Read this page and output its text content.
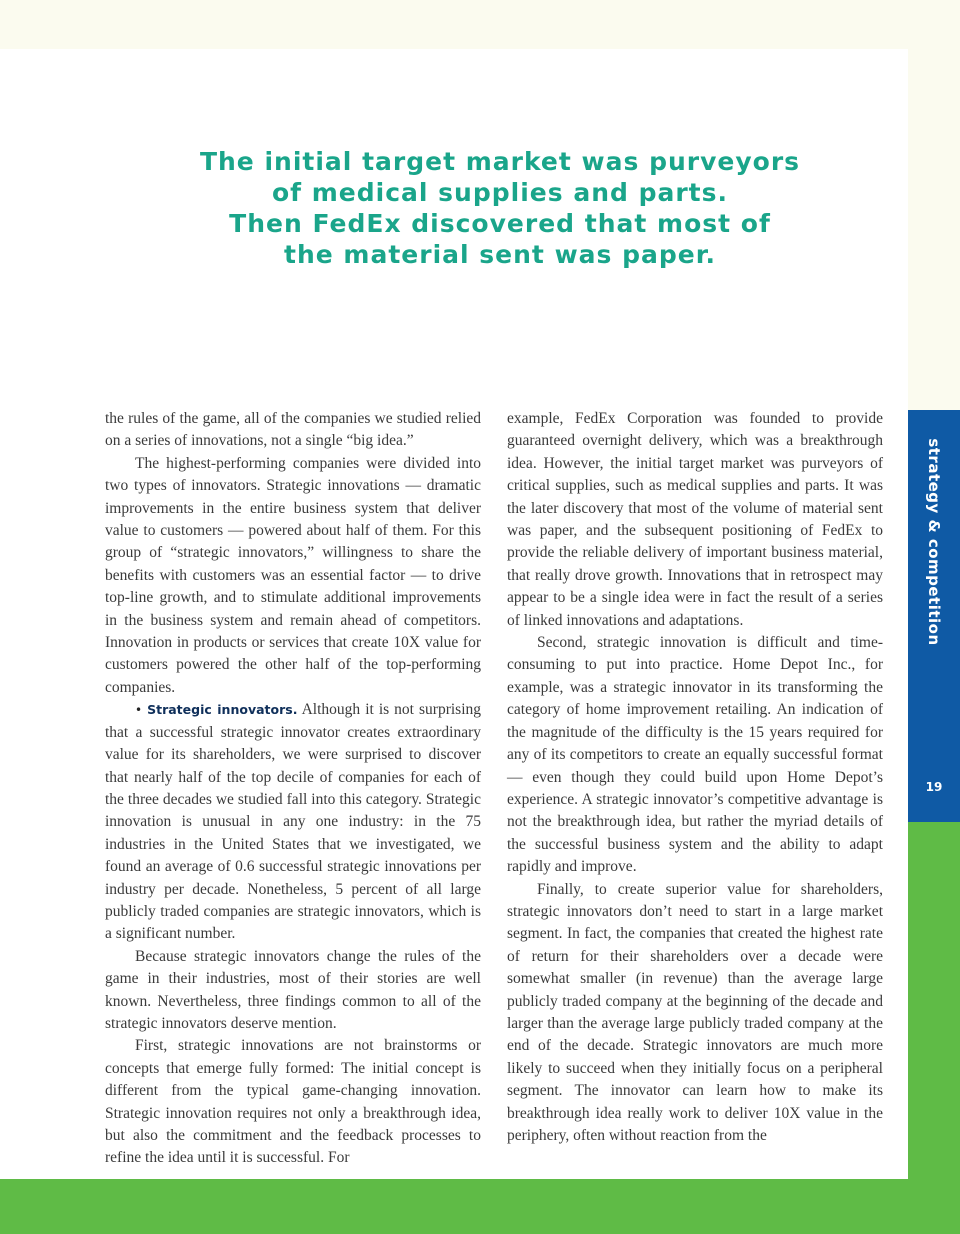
strategy & competition
19
The initial target market was purveyors
of medical supplies and parts.
Then FedEx discovered that most of
the material sent was paper.

the rules of the game, all of the companies we studied relied on a series of innovations, not a single “big idea.”

The highest-performing companies were divided into two types of innovators. Strategic innovations — dramatic improvements in the entire business system that deliver value to customers — powered about half of them. For this group of “strategic innovators,” willingness to share the benefits with customers was an essential factor — to drive top-line growth, and to stimulate additional improvements in the business system and remain ahead of competitors. Innovation in products or services that create 10X value for customers powered the other half of the top-performing companies.

• Strategic innovators. Although it is not surprising that a successful strategic innovator creates extraordinary value for its shareholders, we were surprised to discover that nearly half of the top decile of companies for each of the three decades we studied fall into this category. Strategic innovation is unusual in any one industry: in the 75 industries in the United States that we investigated, we found an average of 0.6 successful strategic innovations per industry per decade. Nonetheless, 5 percent of all large publicly traded companies are strategic innovators, which is a significant number.

Because strategic innovators change the rules of the game in their industries, most of their stories are well known. Nevertheless, three findings common to all of the strategic innovators deserve mention.

First, strategic innovations are not brainstorms or concepts that emerge fully formed: The initial concept is different from the typical game-changing innovation. Strategic innovation requires not only a breakthrough idea, but also the commitment and the feedback processes to refine the idea until it is successful. For

example, FedEx Corporation was founded to provide guaranteed overnight delivery, which was a breakthrough idea. However, the initial target market was purveyors of critical supplies, such as medical supplies and parts. It was the later discovery that most of the volume of material sent was paper, and the subsequent positioning of FedEx to provide the reliable delivery of important business material, that really drove growth. Innovations that in retrospect may appear to be a single idea were in fact the result of a series of linked innovations and adaptations.

Second, strategic innovation is difficult and time-consuming to put into practice. Home Depot Inc., for example, was a strategic innovator in its transforming the category of home improvement retailing. An indication of the magnitude of the difficulty is the 15 years required for any of its competitors to create an equally successful format — even though they could build upon Home Depot’s experience. A strategic innovator’s competitive advantage is not the breakthrough idea, but rather the myriad details of the successful business system and the ability to adapt rapidly and improve.

Finally, to create superior value for shareholders, strategic innovators don’t need to start in a large market segment. In fact, the companies that created the highest rate of return for their shareholders over a decade were somewhat smaller (in revenue) than the average large publicly traded company at the beginning of the decade and larger than the average large publicly traded company at the end of the decade. Strategic innovators are much more likely to succeed when they initially focus on a peripheral segment. The innovator can learn how to make its breakthrough idea really work to deliver 10X value in the periphery, often without reaction from the
